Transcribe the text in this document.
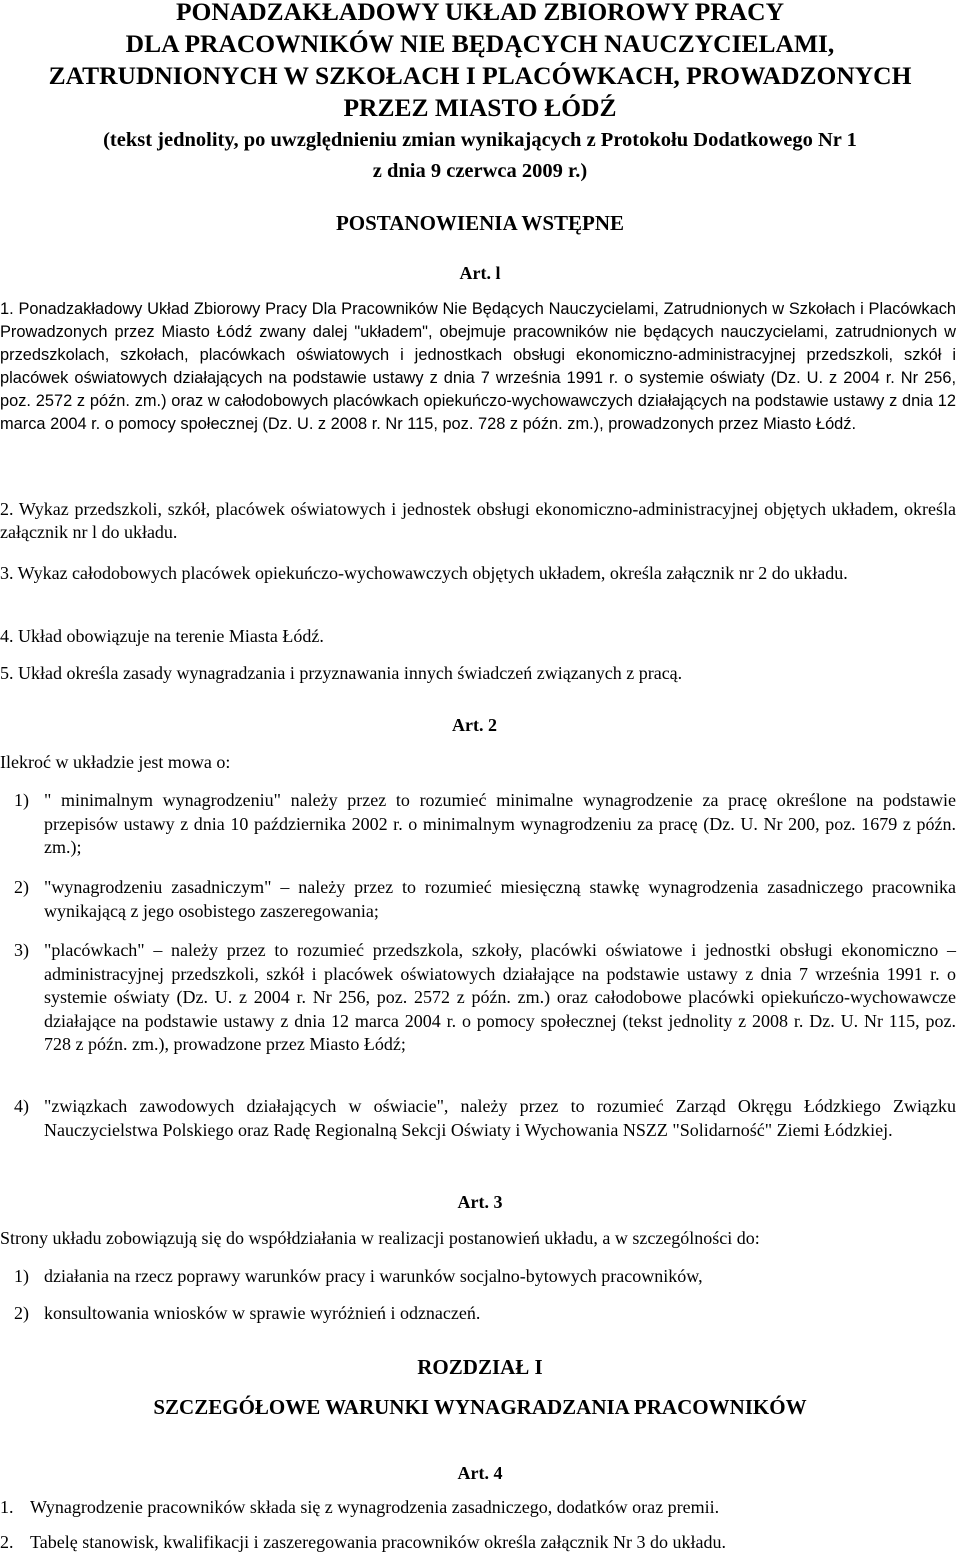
PONADZAKŁADOWY UKŁAD ZBIOROWY PRACY
DLA PRACOWNIKÓW NIE BĘDĄCYCH NAUCZYCIELAMI,
ZATRUDNIONYCH W SZKOŁACH I PLACÓWKACH, PROWADZONYCH
PRZEZ MIASTO ŁÓDŹ
(tekst jednolity, po uwzględnieniu zmian wynikających z Protokołu Dodatkowego Nr 1
z dnia 9 czerwca 2009 r.)
POSTANOWIENIA WSTĘPNE
Art. l
1. Ponadzakładowy Układ Zbiorowy Pracy Dla Pracowników Nie Będących Nauczycielami, Zatrudnionych w Szkołach i Placówkach Prowadzonych przez Miasto Łódź zwany dalej "układem", obejmuje pracowników nie będących nauczycielami, zatrudnionych w przedszkolach, szkołach, placówkach oświatowych i jednostkach obsługi ekonomiczno-administracyjnej przedszkoli, szkół i placówek oświatowych działających na podstawie ustawy z dnia 7 września 1991 r. o systemie oświaty (Dz. U. z 2004 r. Nr 256, poz. 2572 z późn. zm.) oraz w całodobowych placówkach opiekuńczo-wychowawczych działających na podstawie ustawy z dnia 12 marca 2004 r. o pomocy społecznej (Dz. U. z 2008 r. Nr 115, poz. 728 z późn. zm.), prowadzonych przez Miasto Łódź.
2. Wykaz przedszkoli, szkół, placówek oświatowych i jednostek obsługi ekonomiczno-administracyjnej objętych układem, określa załącznik nr l do układu.
3. Wykaz całodobowych placówek opiekuńczo-wychowawczych objętych układem, określa załącznik nr 2 do układu.
4. Układ obowiązuje na terenie Miasta Łódź.
5. Układ określa zasady wynagradzania i przyznawania innych świadczeń związanych z pracą.
Art. 2
Ilekroć w układzie jest mowa o:
1) " minimalnym wynagrodzeniu" należy przez to rozumieć minimalne wynagrodzenie za pracę określone na podstawie przepisów ustawy z dnia 10 października 2002 r. o minimalnym wynagrodzeniu za pracę (Dz. U. Nr 200, poz. 1679 z późn. zm.);
2) "wynagrodzeniu zasadniczym" – należy przez to rozumieć miesięczną stawkę wynagrodzenia zasadniczego pracownika wynikającą z jego osobistego zaszeregowania;
3) "placówkach" – należy przez to rozumieć przedszkola, szkoły, placówki oświatowe i jednostki obsługi ekonomiczno – administracyjnej przedszkoli, szkół i placówek oświatowych działające na podstawie ustawy z dnia 7 września 1991 r. o systemie oświaty (Dz. U. z 2004 r. Nr 256, poz. 2572 z późn. zm.) oraz całodobowe placówki opiekuńczo-wychowawcze działające na podstawie ustawy z dnia 12 marca 2004 r. o pomocy społecznej (tekst jednolity z 2008 r. Dz. U. Nr 115, poz. 728 z późn. zm.), prowadzone przez Miasto Łódź;
4) "związkach zawodowych działających w oświacie", należy przez to rozumieć Zarząd Okręgu Łódzkiego Związku Nauczycielstwa Polskiego oraz Radę Regionalną Sekcji Oświaty i Wychowania NSZZ "Solidarność" Ziemi Łódzkiej.
Art. 3
Strony układu zobowiązują się do współdziałania w realizacji postanowień układu, a w szczególności do:
1) działania na rzecz poprawy warunków pracy i warunków socjalno-bytowych pracowników,
2) konsultowania wniosków w sprawie wyróżnień i odznaczeń.
ROZDZIAŁ I
SZCZEGÓŁOWE WARUNKI WYNAGRADZANIA PRACOWNIKÓW
Art. 4
1. Wynagrodzenie pracowników składa się z wynagrodzenia zasadniczego, dodatków oraz premii.
2. Tabelę stanowisk, kwalifikacji i zaszeregowania pracowników określa załącznik Nr 3 do układu.
